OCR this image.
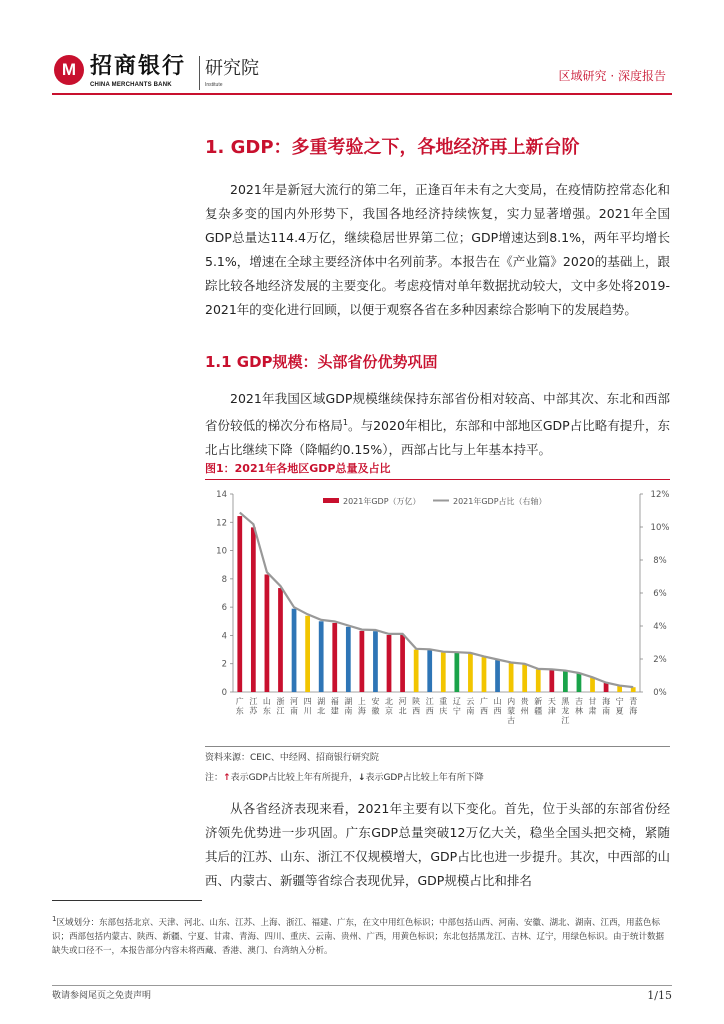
M 招商银行
CHINA MERCHANTS BANK
研究院
Institute
区域研究 · 深度报告
1. GDP：多重考验之下，各地经济再上新台阶

2021年是新冠大流行的第二年，正逢百年未有之大变局，在疫情防控常态化和复杂多变的国内外形势下，我国各地经济持续恢复，实力显著增强。2021年全国GDP总量达114.4万亿，继续稳居世界第二位；GDP增速达到8.1%，两年平均增长5.1%，增速在全球主要经济体中名列前茅。本报告在《产业篇》2020的基础上，跟踪比较各地经济发展的主要变化。考虑疫情对单年数据扰动较大，文中多处将2019-2021年的变化进行回顾，以便于观察各省在多种因素综合影响下的发展趋势。

1.1 GDP规模：头部省份优势巩固

2021年我国区域GDP规模继续保持东部省份相对较高、中部其次、东北和西部省份较低的梯次分布格局$^1$。与2020年相比，东部和中部地区GDP占比略有提升，东北占比继续下降（降幅约0.15%），西部占比与上年基本持平。

图1：2021年各地区GDP总量及占比
0
2
4
6
8
10
12
14
0%
2%
4%
6%
8%
10%
12%
广
东
江
苏
山
东
浙
江
河
南
四
川
湖
北
福
建
湖
南
上
海
安
徽
北
京
河
北
陕
西
江
西
重
庆
辽
宁
云
南
广
西
山
西
内
蒙
古
贵
州
新
疆
天
津
黑
龙
江
吉
林
甘
肃
海
南
宁
夏
青
海
2021年GDP（万亿）	2021年GDP占比（右轴）
资料来源：CEIC、中经网、招商银行研究院
注：↑表示GDP占比较上年有所提升，↓表示GDP占比较上年有所下降

从各省经济表现来看，2021年主要有以下变化。首先，位于头部的东部省份经济领先优势进一步巩固。广东GDP总量突破12万亿大关，稳坐全国头把交椅，紧随其后的江苏、山东、浙江不仅规模增大，GDP占比也进一步提升。其次，中西部的山西、内蒙古、新疆等省综合表现优异，GDP规模占比和排名

$^1$区域划分：东部包括北京、天津、河北、山东、江苏、上海、浙江、福建、广东，在文中用红色标识；中部包括山西、河南、安徽、湖北、湖南、江西，用蓝色标识；西部包括内蒙古、陕西、新疆、宁夏、甘肃、青海、四川、重庆、云南、贵州、广西，用黄色标识；东北包括黑龙江、吉林、辽宁，用绿色标识。由于统计数据缺失或口径不一，本报告部分内容未将西藏、香港、澳门、台湾纳入分析。
敬请参阅尾页之免责声明	1/15
